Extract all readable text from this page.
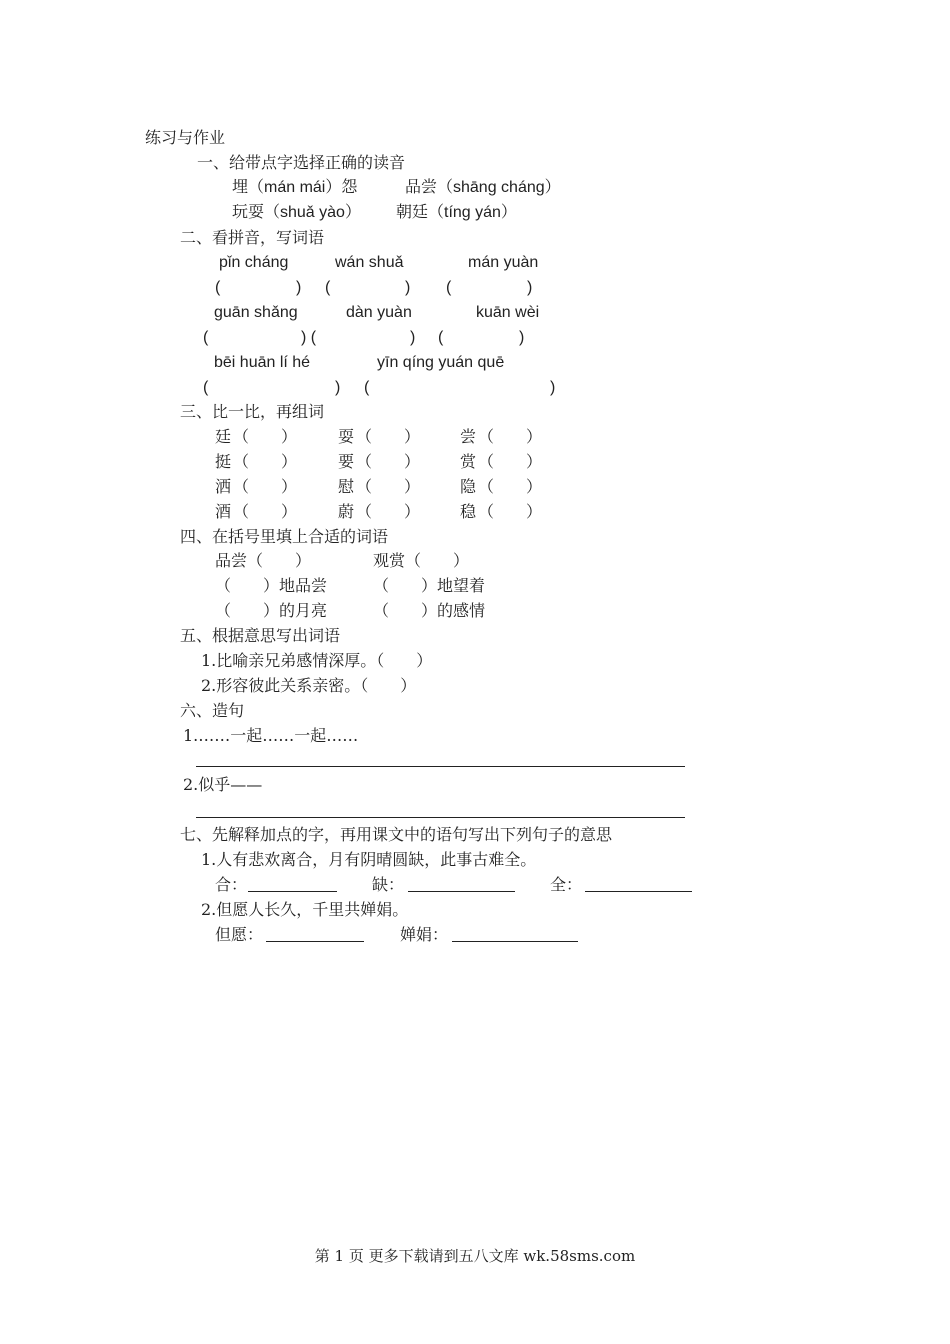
练习与作业
一、给带点字选择正确的读音
埋（mán mái）怨	品尝（shāng cháng）
玩耍（shuǎ yào） 朝廷（tíng yán）
二、看拼音，写词语
pǐn cháng	wán shuǎ	mán yuàn
(	) (	) (	)
guān shǎng	dàn yuàn	kuān wèi
(	) (	) (	)
bēi huān lí hé	yīn qíng yuán quē
(	) (	)
三、比一比，再组词
廷 （　　）	耍 （　　） 尝 （　　）
挺 （　　）	要 （　　） 赏 （　　）
洒 （　　）	慰 （　　） 隐 （　　）
酒 （　　）	蔚 （　　） 稳 （　　）
四、在括号里填上合适的词语
品尝（　　）	观赏（　　）
（　　）地品尝	（　　）地望着
（　　）的月亮	（　　）的感情
五、根据意思写出词语
1.比喻亲兄弟感情深厚。（　　）
2.形容彼此关系亲密。（　　）
六、造句
1.……一起……一起……
2.似乎——
七、先解释加点的字，再用课文中的语句写出下列句子的意思
1.人有悲欢离合，月有阴晴圆缺，此事古难全。
合：	缺：	全：
2.但愿人长久，千里共婵娟。
但愿：	婵娟：
第 1 页 更多下载请到五八文库 wk.58sms.com
